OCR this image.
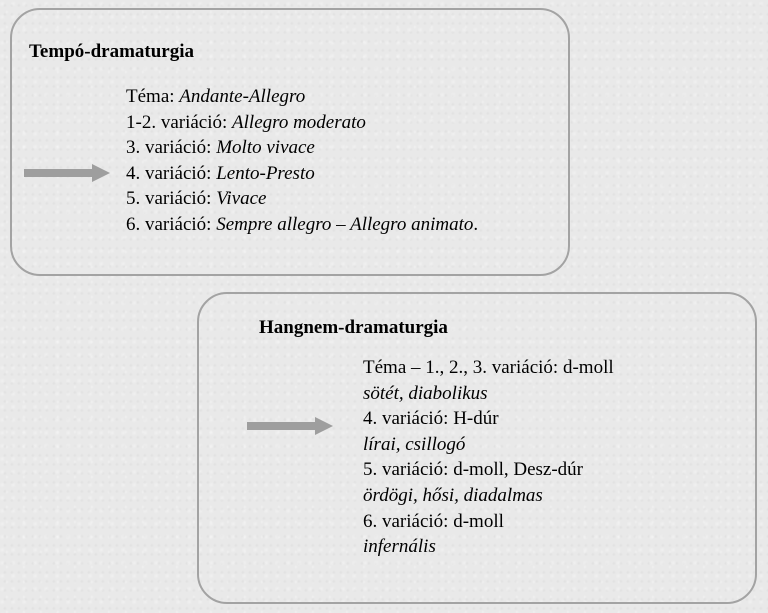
Tempó-dramaturgia
Téma: Andante-Allegro
1-2. variáció: Allegro moderato
3. variáció: Molto vivace
4. variáció: Lento-Presto
5. variáció: Vivace
6. variáció: Sempre allegro – Allegro animato.
Hangnem-dramaturgia
Téma – 1., 2., 3. variáció: d-moll
sötét, diabolikus
4. variáció: H-dúr
lírai, csillogó
5. variáció: d-moll, Desz-dúr
ördögi, hősi, diadalmas
6. variáció: d-moll
infernális
